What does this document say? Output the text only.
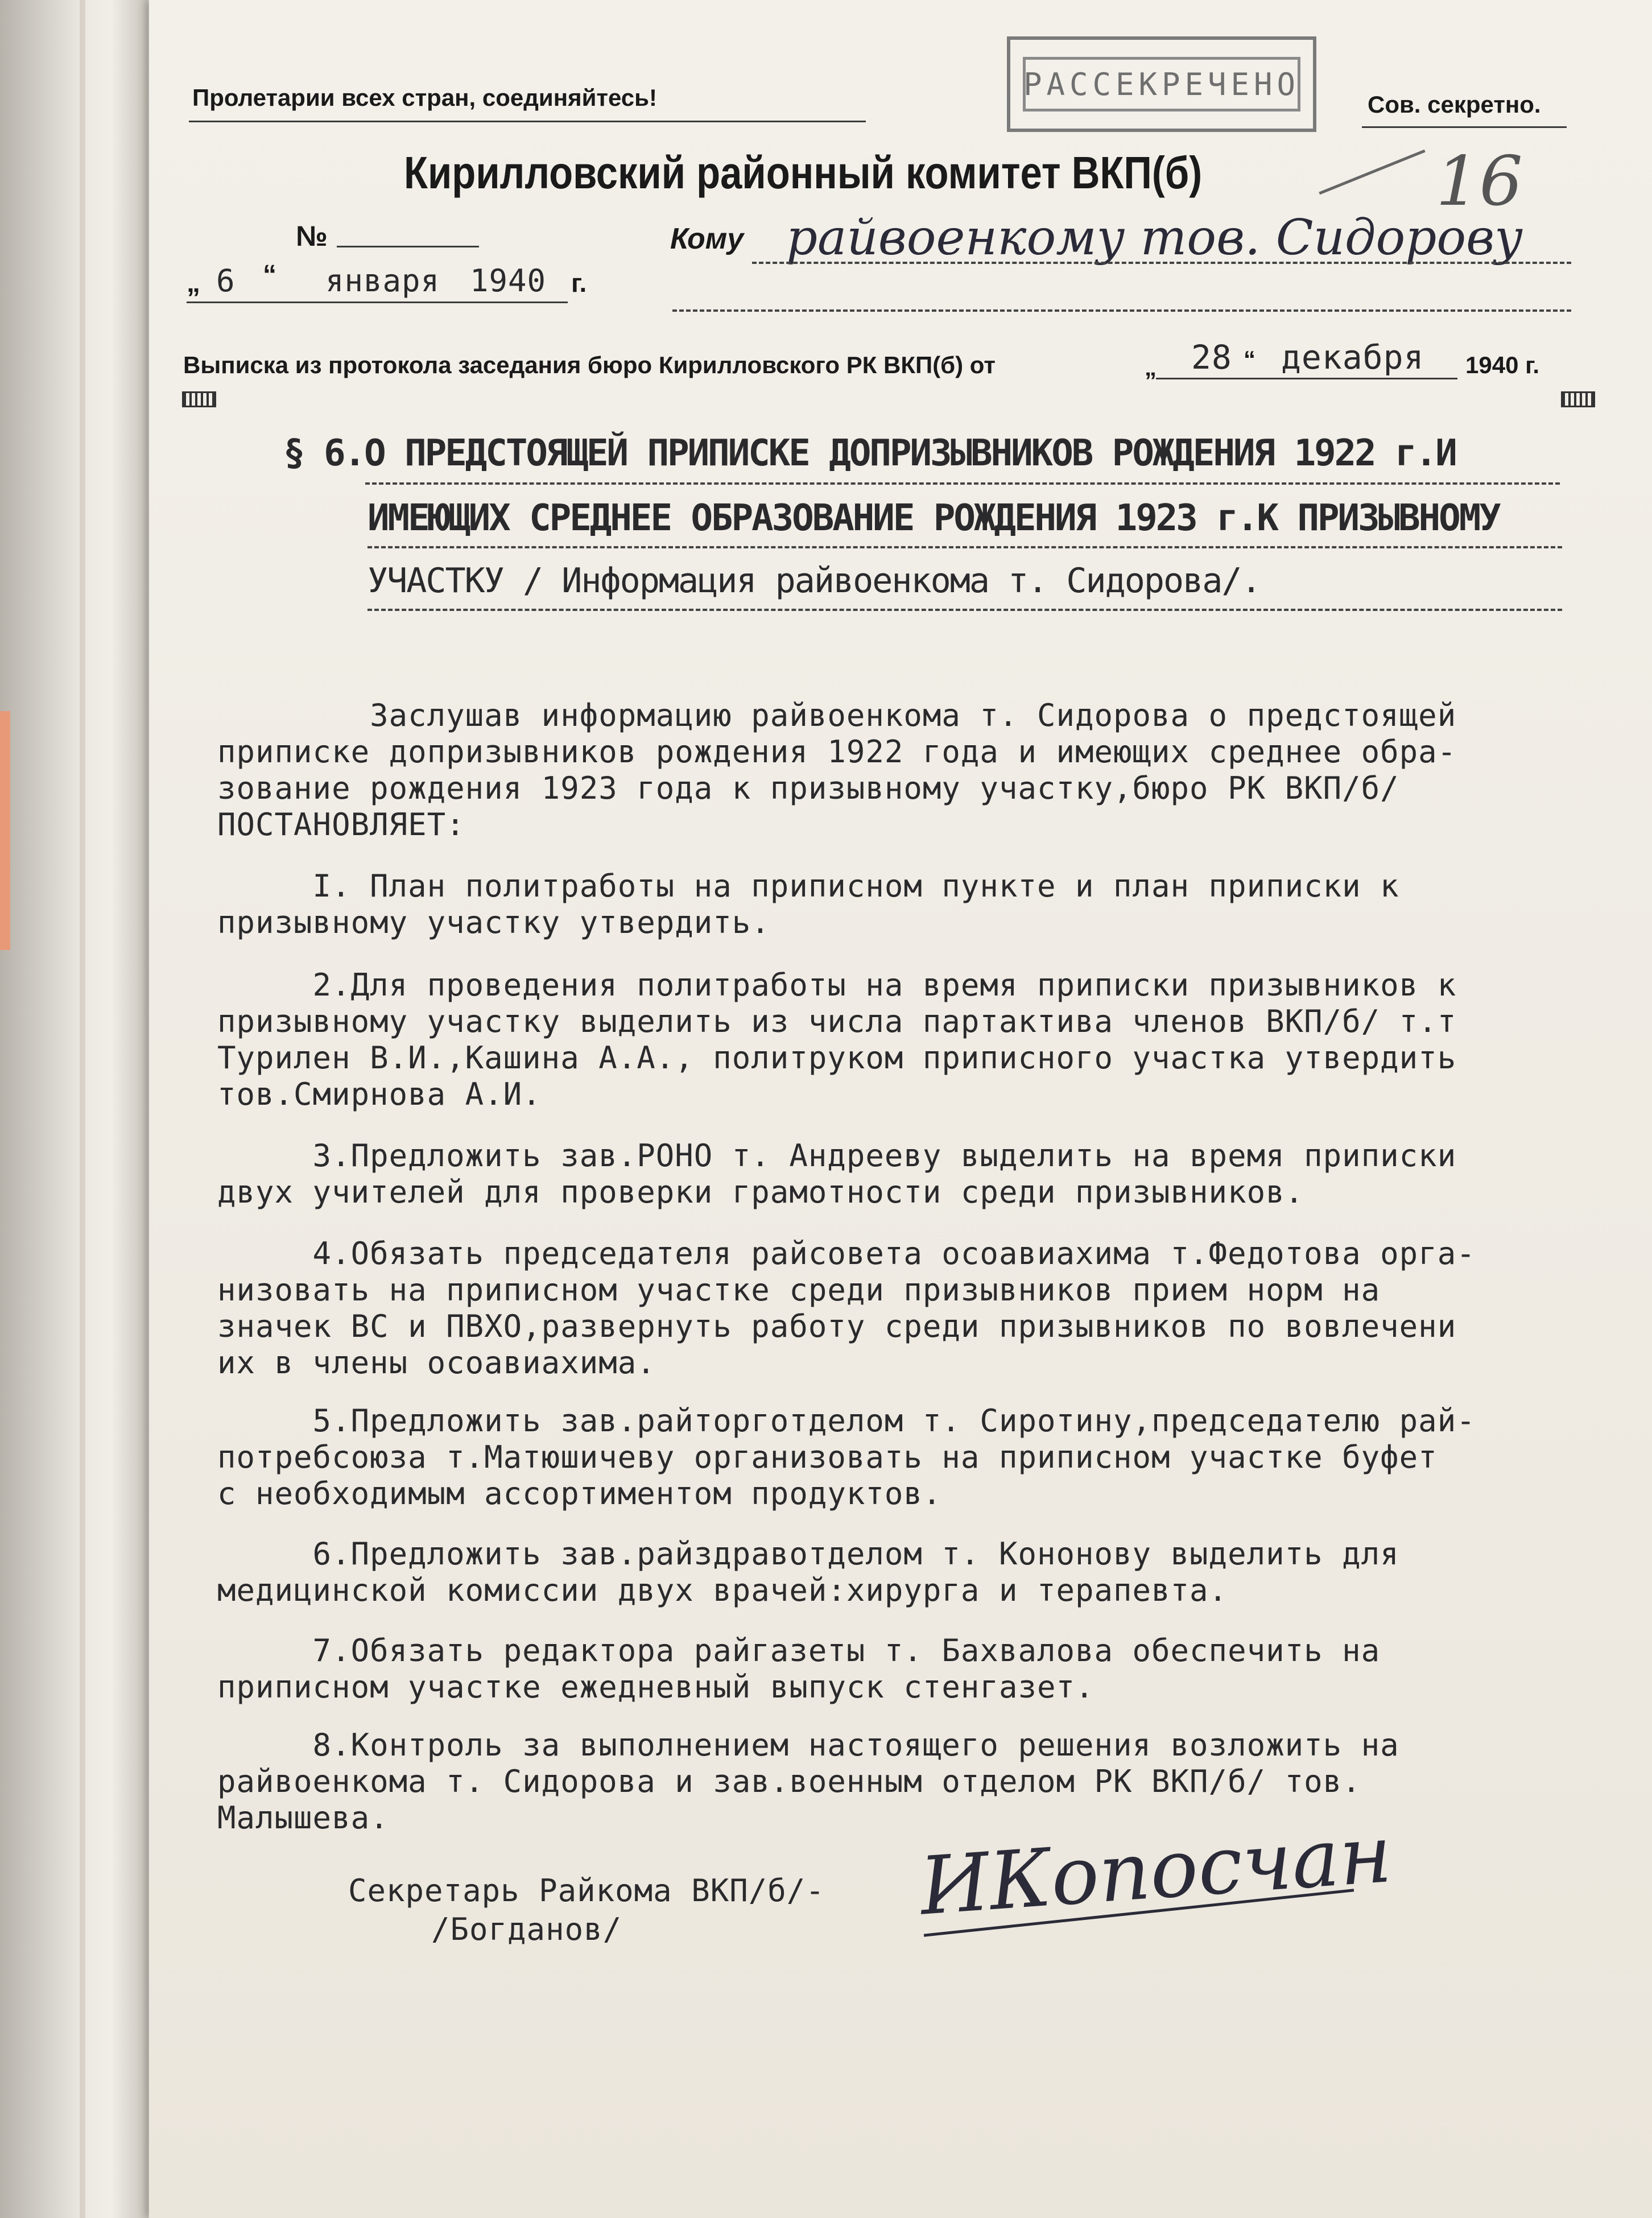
Пролетарии всех стран, соединяйтесь!	РАССЕКРЕЧЕНО
Сов. секретно.
16
Кирилловский районный комитет ВКП(б)
№
„ 6 “ января 1940 г.
Кому райвоенкому тов. Сидорову
Выписка из протокола заседания бюро Кирилловского РК ВКП(б) от	„ 28 “ декабря 1940 г.
§ 6.О ПРЕДСТОЯЩЕЙ ПРИПИСКЕ ДОПРИЗЫВНИКОВ РОЖДЕНИЯ 1922 г.И
ИМЕЮЩИХ СРЕДНЕЕ ОБРАЗОВАНИЕ РОЖДЕНИЯ 1923 г.К ПРИЗЫВНОМУ
УЧАСТКУ / Информация райвоенкома т. Сидорова/.
Заслушав информацию райвоенкома т. Сидорова о предстоящей
приписке допризывников рождения 1922 года и имеющих среднее обра-
зование рождения 1923 года к призывному участку,бюро РК ВКП/б/
ПОСТАНОВЛЯЕТ:
I. План политработы на приписном пункте и план приписки к
призывному участку утвердить.
2.Для проведения политработы на время приписки призывников к
призывному участку выделить из числа партактива членов ВКП/б/ т.т
Турилен В.И.,Кашина А.А., политруком приписного участка утвердить
тов.Смирнова А.И.
3.Предложить зав.РОНО т. Андрееву выделить на время приписки
двух учителей для проверки грамотности среди призывников.
4.Обязать председателя райсовета осоавиахима т.Федотова орга-
низовать на приписном участке среди призывников прием норм на
значек ВС и ПВХО,развернуть работу среди призывников по вовлечени
их в члены осоавиахима.
5.Предложить зав.райторготделом т. Сиротину,председателю рай-
потребсоюза т.Матюшичеву организовать на приписном участке буфет
с необходимым ассортиментом продуктов.
6.Предложить зав.райздравотделом т. Кононову выделить для
медицинской комиссии двух врачей:хирурга и терапевта.
7.Обязать редактора райгазеты т. Бахвалова обеспечить на
приписном участке ежедневный выпуск стенгазет.
8.Контроль за выполнением настоящего решения возложить на
райвоенкома т. Сидорова и зав.военным отделом РК ВКП/б/ тов.
Малышева.
Секретарь Райкома ВКП/б/-
/Богданов/	ИКопосчан
